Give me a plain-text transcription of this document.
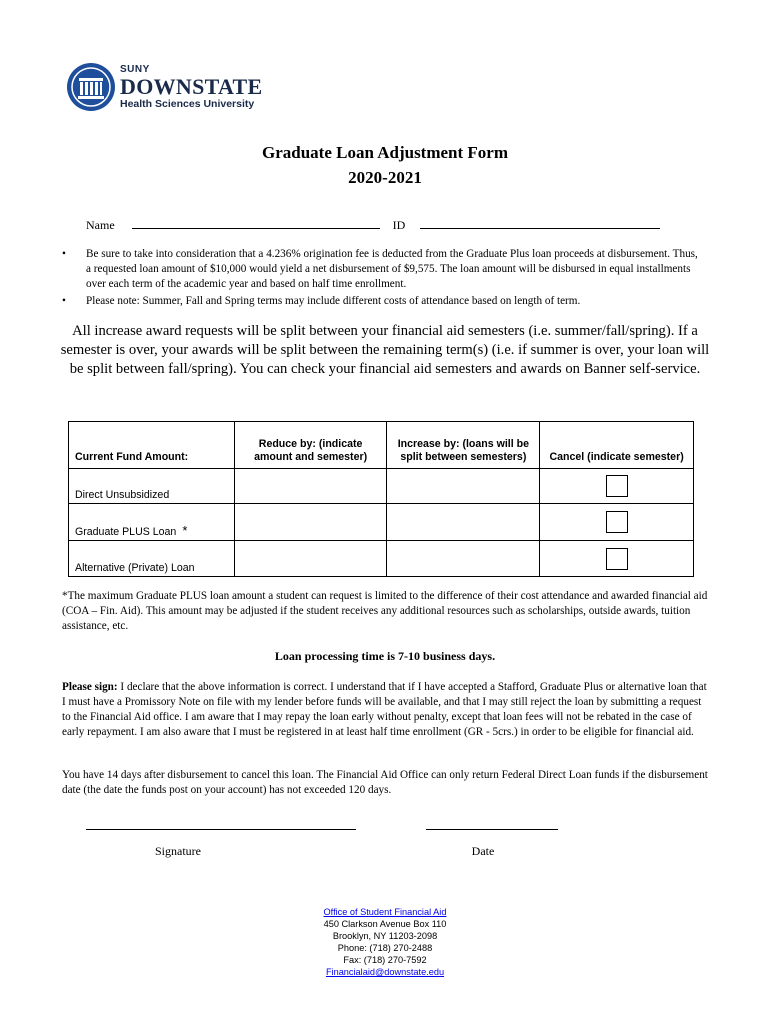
SUNY
DOWNSTATE
Health Sciences University
Graduate Loan Adjustment Form
2020-2021
Name	ID
•	Be sure to take into consideration that a 4.236% origination fee is deducted from the Graduate Plus loan proceeds at disbursement. Thus, a requested loan amount of $10,000 would yield a net disbursement of $9,575. The loan amount will be disbursed in equal installments over each term of the academic year and based on half time enrollment.
•	Please note: Summer, Fall and Spring terms may include different costs of attendance based on length of term.
All increase award requests will be split between your financial aid semesters (i.e. summer/fall/spring). If a semester is over, your awards will be split between the remaining term(s) (i.e. if summer is over, your loan will be split between fall/spring). You can check your financial aid semesters and awards on Banner self-service.
Current Fund Amount:	Reduce by: (indicate amount and semester)	Increase by: (loans will be split between semesters)	Cancel (indicate semester)
Direct Unsubsidized			

Graduate PLUS Loan *			

Alternative (Private) Loan			
*The maximum Graduate PLUS loan amount a student can request is limited to the difference of their cost attendance and awarded financial aid (COA – Fin. Aid). This amount may be adjusted if the student receives any additional resources such as scholarships, outside awards, tuition assistance, etc.
Loan processing time is 7-10 business days.
Please sign: I declare that the above information is correct. I understand that if I have accepted a Stafford, Graduate Plus or alternative loan that I must have a Promissory Note on file with my lender before funds will be available, and that I may still reject the loan by submitting a request to the Financial Aid office. I am aware that I may repay the loan early without penalty, except that loan fees will not be rebated in the case of early repayment. I am also aware that I must be registered in at least half time enrollment (GR - 5crs.) in order to be eligible for financial aid.
You have 14 days after disbursement to cancel this loan. The Financial Aid Office can only return Federal Direct Loan funds if the disbursement date (the date the funds post on your account) has not exceeded 120 days.
Signature	Date
Office of Student Financial Aid
450 Clarkson Avenue Box 110
Brooklyn, NY 11203-2098
Phone: (718) 270-2488
Fax: (718) 270-7592
Financialaid@downstate.edu
